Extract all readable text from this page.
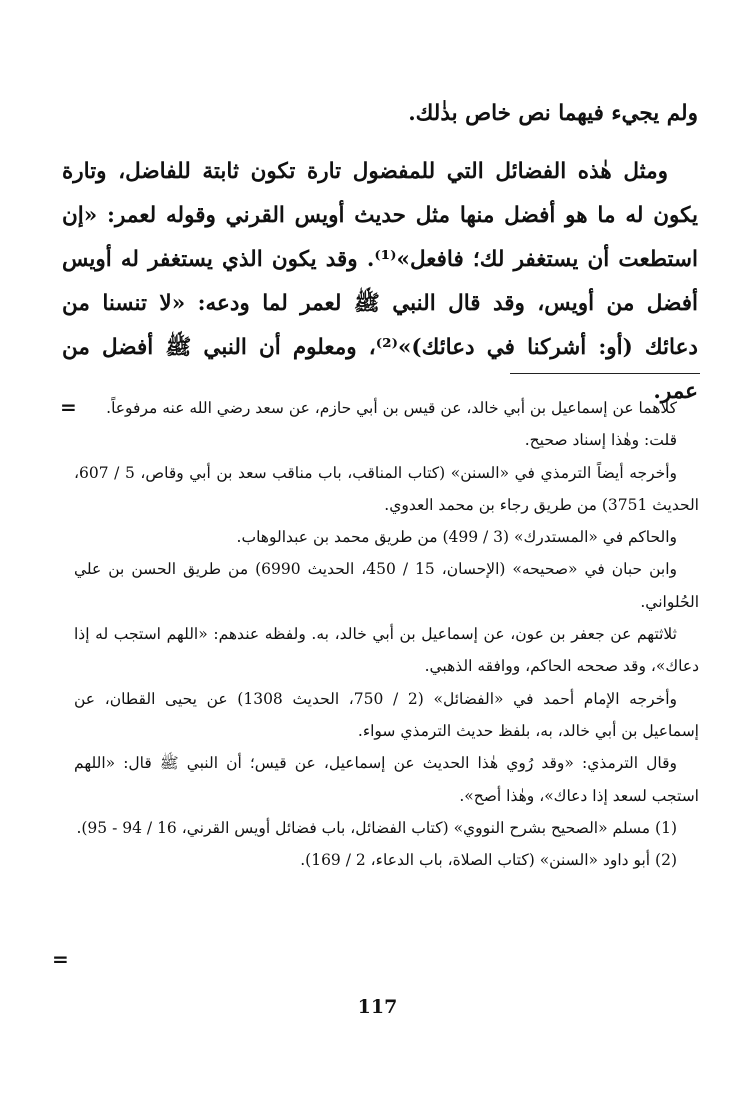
ولم يجيء فيهما نص خاص بذٰلك.

ومثل هٰذه الفضائل التي للمفضول تارة تكون ثابتة للفاضل، وتارة يكون له ما هو أفضل منها مثل حديث أويس القرني وقوله لعمر: «إن استطعت أن يستغفر لك؛ فافعل»⁽¹⁾. وقد يكون الذي يستغفر له أويس أفضل من أويس، وقد قال النبي ﷺ لعمر لما ودعه: «لا تنسنا من دعائك (أو: أشركنا في دعائك)»⁽²⁾، ومعلوم أن النبي ﷺ أفضل من عمر.

=
=

كلاهما عن إسماعيل بن أبي خالد، عن قيس بن أبي حازم، عن سعد رضي الله عنه مرفوعاً.

قلت: وهٰذا إسناد صحيح.

وأخرجه أيضاً الترمذي في «السنن» (كتاب المناقب، باب مناقب سعد بن أبي وقاص، 5 / 607، الحديث 3751) من طريق رجاء بن محمد العدوي.

والحاكم في «المستدرك» (3 / 499) من طريق محمد بن عبدالوهاب.

وابن حبان في «صحيحه» (الإحسان، 15 / 450، الحديث 6990) من طريق الحسن بن علي الحُلواني.

ثلاثتهم عن جعفر بن عون، عن إسماعيل بن أبي خالد، به. ولفظه عندهم: «اللهم استجب له إذا دعاك»، وقد صححه الحاكم، ووافقه الذهبي.

وأخرجه الإمام أحمد في «الفضائل» (2 / 750، الحديث 1308) عن يحيى القطان، عن إسماعيل بن أبي خالد، به، بلفظ حديث الترمذي سواء.

وقال الترمذي: «وقد رُوي هٰذا الحديث عن إسماعيل، عن قيس؛ أن النبي ﷺ قال: «اللهم استجب لسعد إذا دعاك»، وهٰذا أصح».

(1) مسلم «الصحيح بشرح النووي» (كتاب الفضائل، باب فضائل أويس القرني، 16 / 94 - 95).

(2) أبو داود «السنن» (كتاب الصلاة، باب الدعاء، 2 / 169).

117
